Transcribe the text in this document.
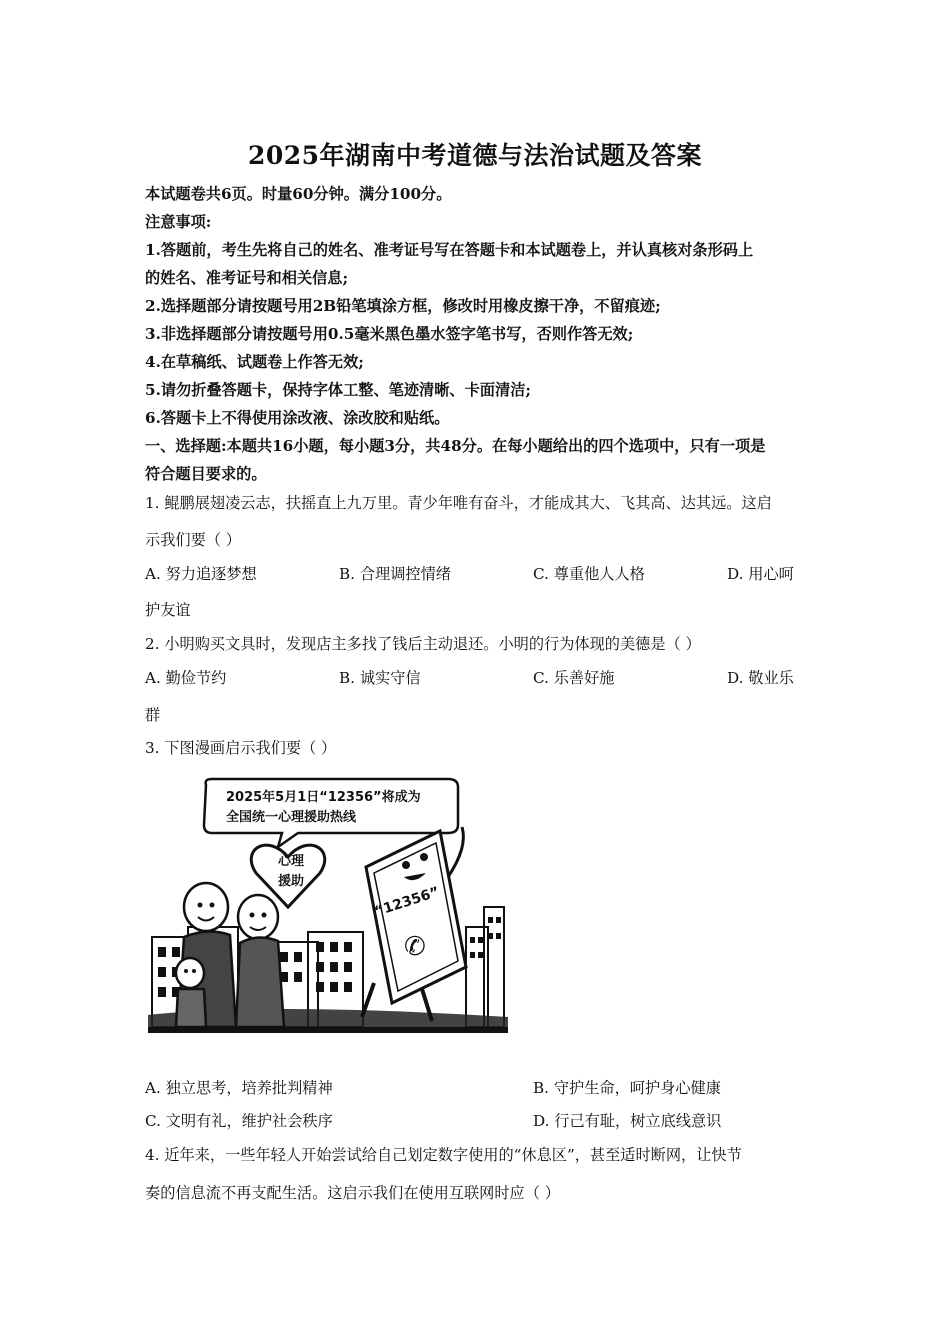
2025年湖南中考道德与法治试题及答案
本试题卷共6页。时量60分钟。满分100分。
注意事项:
1.答题前，考生先将自己的姓名、准考证号写在答题卡和本试题卷上，并认真核对条形码上
的姓名、准考证号和相关信息;
2.选择题部分请按题号用2B铅笔填涂方框，修改时用橡皮擦干净，不留痕迹;
3.非选择题部分请按题号用0.5毫米黑色墨水签字笔书写，否则作答无效;
4.在草稿纸、试题卷上作答无效;
5.请勿折叠答题卡，保持字体工整、笔迹清晰、卡面清洁;
6.答题卡上不得使用涂改液、涂改胶和贴纸。
一、选择题:本题共16小题，每小题3分，共48分。在每小题给出的四个选项中，只有一项是
符合题目要求的。
1. 鲲鹏展翅凌云志，扶摇直上九万里。青少年唯有奋斗，才能成其大、飞其高、达其远。这启
示我们要（ ）
A. 努力追逐梦想	B. 合理调控情绪	C. 尊重他人人格	D. 用心呵
护友谊
2. 小明购买文具时，发现店主多找了钱后主动退还。小明的行为体现的美德是（ ）
A. 勤俭节约	B. 诚实守信	C. 乐善好施	D. 敬业乐
群
3. 下图漫画启示我们要（ ）
2025年5月1日“12356”将成为
全国统一心理援助热线
心理
援助
“12356”
✆
A. 独立思考，培养批判精神	B. 守护生命，呵护身心健康
C. 文明有礼，维护社会秩序	D. 行己有耻，树立底线意识
4. 近年来，一些年轻人开始尝试给自己划定数字使用的“休息区”，甚至适时断网，让快节
奏的信息流不再支配生活。这启示我们在使用互联网时应（ ）
